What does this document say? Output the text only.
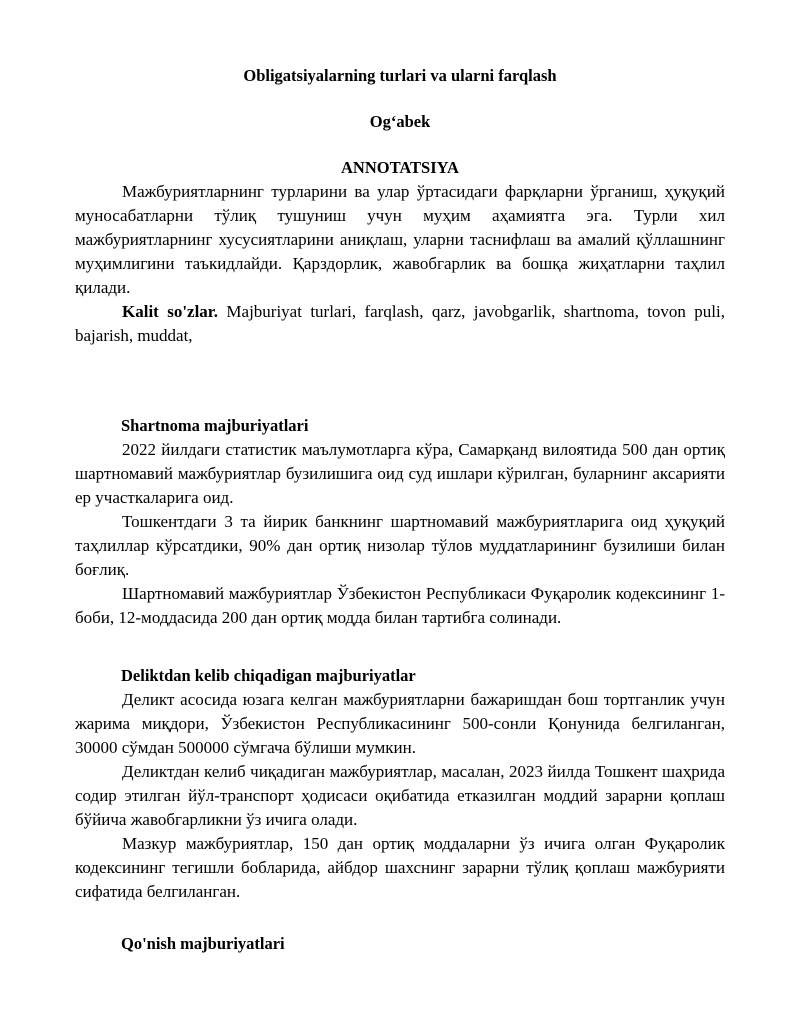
Obligatsiyalarning turlari va ularni farqlash
Og‘abek
ANNOTATSIYA

Мажбуриятларнинг турларини ва улар ўртасидаги фарқларни ўрганиш, ҳуқуқий муносабатларни тўлиқ тушуниш учун муҳим аҳамиятга эга. Турли хил мажбуриятларнинг хусусиятларини аниқлаш, уларни таснифлаш ва амалий қўллашнинг муҳимлигини таъкидлайди. Қарздорлик, жавобгарлик ва бошқа жиҳатларни таҳлил қилади.

Kalit so'zlar. Majburiyat turlari, farqlash, qarz, javobgarlik, shartnoma, tovon puli, bajarish, muddat,

Shartnoma majburiyatlari

2022 йилдаги статистик маълумотларга кўра, Самарқанд вилоятида 500 дан ортиқ шартномавий мажбуриятлар бузилишига оид суд ишлари кўрилган, буларнинг аксарияти ер участкаларига оид.

Тошкентдаги 3 та йирик банкнинг шартномавий мажбуриятларига оид ҳуқуқий таҳлиллар кўрсатдики, 90% дан ортиқ низолар тўлов муддатларининг бузилиши билан боғлиқ.

Шартномавий мажбуриятлар Ўзбекистон Республикаси Фуқаролик кодексининг 1-боби, 12-моддасида 200 дан ортиқ модда билан тартибга солинади.

Deliktdan kelib chiqadigan majburiyatlar

Деликт асосида юзага келган мажбуриятларни бажаришдан бош тортганлик учун жарима миқдори, Ўзбекистон Республикасининг 500-сонли Қонунида белгиланган, 30000 сўмдан 500000 сўмгача бўлиши мумкин.

Деликтдан келиб чиқадиган мажбуриятлар, масалан, 2023 йилда Тошкент шаҳрида содир этилган йўл-транспорт ҳодисаси оқибатида етказилган моддий зарарни қоплаш бўйича жавобгарликни ўз ичига олади.

Мазкур мажбуриятлар, 150 дан ортиқ моддаларни ўз ичига олган Фуқаролик кодексининг тегишли бобларида, айбдор шахснинг зарарни тўлиқ қоплаш мажбурияти сифатида белгиланган.

Qo'nish majburiyatlari
